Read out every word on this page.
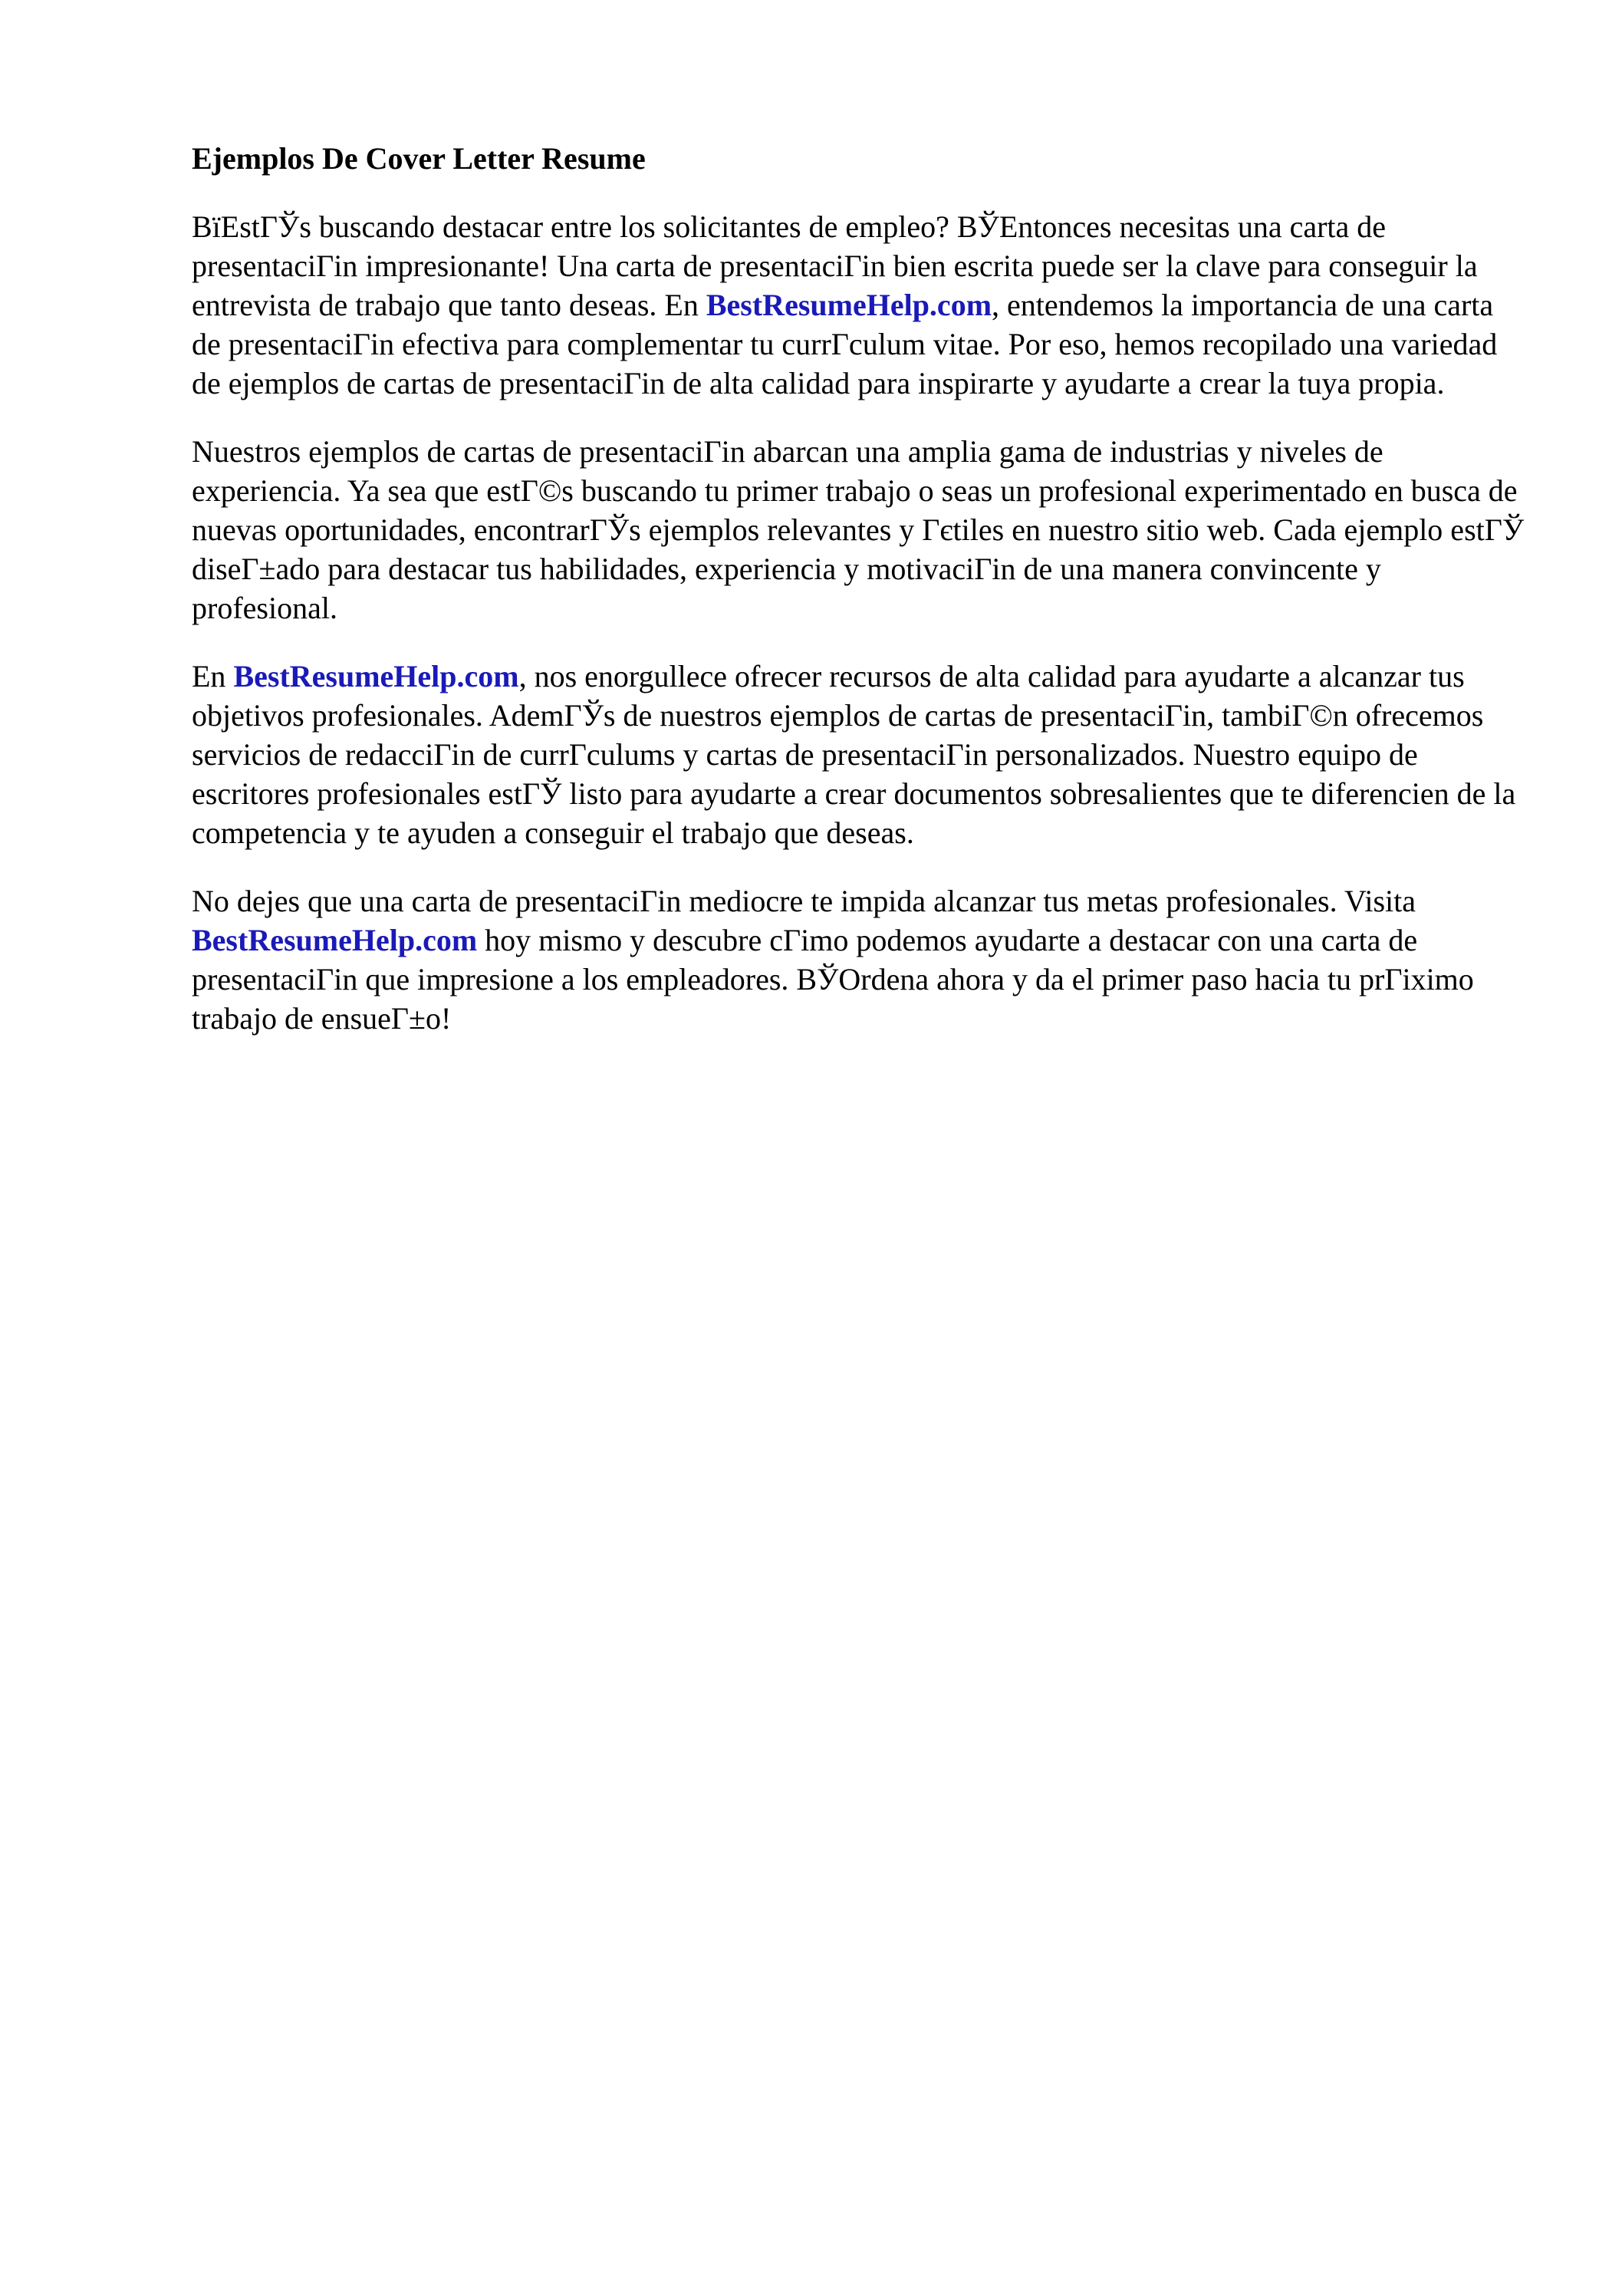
Ejemplos De Cover Letter Resume

BїEstГЎs buscando destacar entre los solicitantes de empleo? BЎEntonces necesitas una carta de presentaciГіn impresionante! Una carta de presentaciГіn bien escrita puede ser la clave para conseguir la entrevista de trabajo que tanto deseas. En BestResumeHelp.com, entendemos la importancia de una carta de presentaciГіn efectiva para complementar tu currГculum vitae. Por eso, hemos recopilado una variedad de ejemplos de cartas de presentaciГіn de alta calidad para inspirarte y ayudarte a crear la tuya propia.

Nuestros ejemplos de cartas de presentaciГіn abarcan una amplia gama de industrias y niveles de experiencia. Ya sea que estГ©s buscando tu primer trabajo o seas un profesional experimentado en busca de nuevas oportunidades, encontrarГЎs ejemplos relevantes y Гєtiles en nuestro sitio web. Cada ejemplo estГЎ diseГ±ado para destacar tus habilidades, experiencia y motivaciГіn de una manera convincente y profesional.

En BestResumeHelp.com, nos enorgullece ofrecer recursos de alta calidad para ayudarte a alcanzar tus objetivos profesionales. AdemГЎs de nuestros ejemplos de cartas de presentaciГіn, tambiГ©n ofrecemos servicios de redacciГіn de currГculums y cartas de presentaciГіn personalizados. Nuestro equipo de escritores profesionales estГЎ listo para ayudarte a crear documentos sobresalientes que te diferencien de la competencia y te ayuden a conseguir el trabajo que deseas.

No dejes que una carta de presentaciГіn mediocre te impida alcanzar tus metas profesionales. Visita BestResumeHelp.com hoy mismo y descubre cГіmo podemos ayudarte a destacar con una carta de presentaciГіn que impresione a los empleadores. BЎOrdena ahora y da el primer paso hacia tu prГіximo trabajo de ensueГ±o!
